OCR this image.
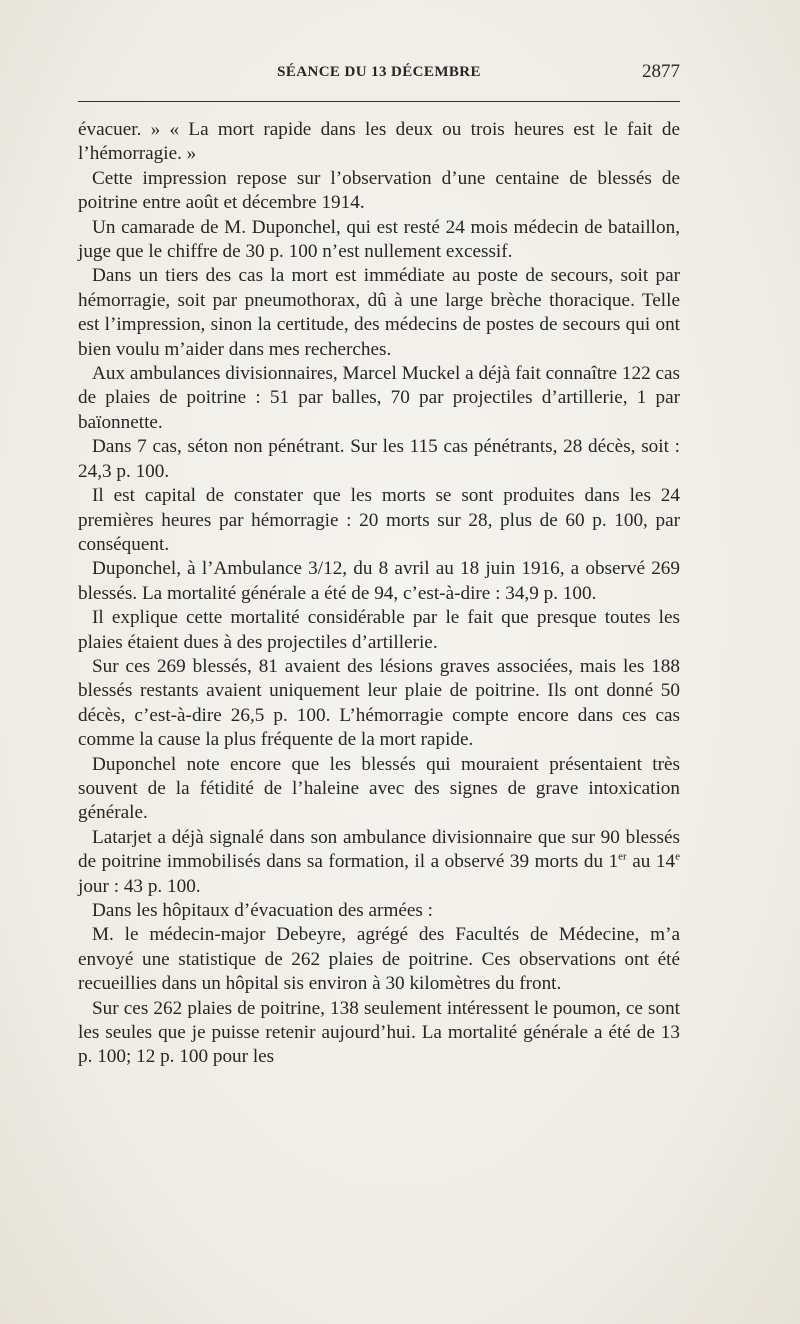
SÉANCE DU 13 DÉCEMBRE	2877

évacuer. » « La mort rapide dans les deux ou trois heures est le fait de l’hémorragie. »

Cette impression repose sur l’observation d’une centaine de blessés de poitrine entre août et décembre 1914.

Un camarade de M. Duponchel, qui est resté 24 mois médecin de bataillon, juge que le chiffre de 30 p. 100 n’est nullement excessif.

Dans un tiers des cas la mort est immédiate au poste de secours, soit par hémorragie, soit par pneumothorax, dû à une large brèche thoracique. Telle est l’impression, sinon la certitude, des médecins de postes de secours qui ont bien voulu m’aider dans mes recherches.

Aux ambulances divisionnaires, Marcel Muckel a déjà fait connaître 122 cas de plaies de poitrine : 51 par balles, 70 par projectiles d’artillerie, 1 par baïonnette.

Dans 7 cas, séton non pénétrant. Sur les 115 cas pénétrants, 28 décès, soit : 24,3 p. 100.

Il est capital de constater que les morts se sont produites dans les 24 premières heures par hémorragie : 20 morts sur 28, plus de 60 p. 100, par conséquent.

Duponchel, à l’Ambulance 3/12, du 8 avril au 18 juin 1916, a observé 269 blessés. La mortalité générale a été de 94, c’est-à-dire : 34,9 p. 100.

Il explique cette mortalité considérable par le fait que presque toutes les plaies étaient dues à des projectiles d’artillerie.

Sur ces 269 blessés, 81 avaient des lésions graves associées, mais les 188 blessés restants avaient uniquement leur plaie de poitrine. Ils ont donné 50 décès, c’est-à-dire 26,5 p. 100. L’hémorragie compte encore dans ces cas comme la cause la plus fréquente de la mort rapide.

Duponchel note encore que les blessés qui mouraient présentaient très souvent de la fétidité de l’haleine avec des signes de grave intoxication générale.

Latarjet a déjà signalé dans son ambulance divisionnaire que sur 90 blessés de poitrine immobilisés dans sa formation, il a observé 39 morts du 1er au 14e jour : 43 p. 100.

Dans les hôpitaux d’évacuation des armées :

M. le médecin-major Debeyre, agrégé des Facultés de Médecine, m’a envoyé une statistique de 262 plaies de poitrine. Ces observations ont été recueillies dans un hôpital sis environ à 30 kilomètres du front.

Sur ces 262 plaies de poitrine, 138 seulement intéressent le poumon, ce sont les seules que je puisse retenir aujourd’hui. La mortalité générale a été de 13 p. 100; 12 p. 100 pour les
